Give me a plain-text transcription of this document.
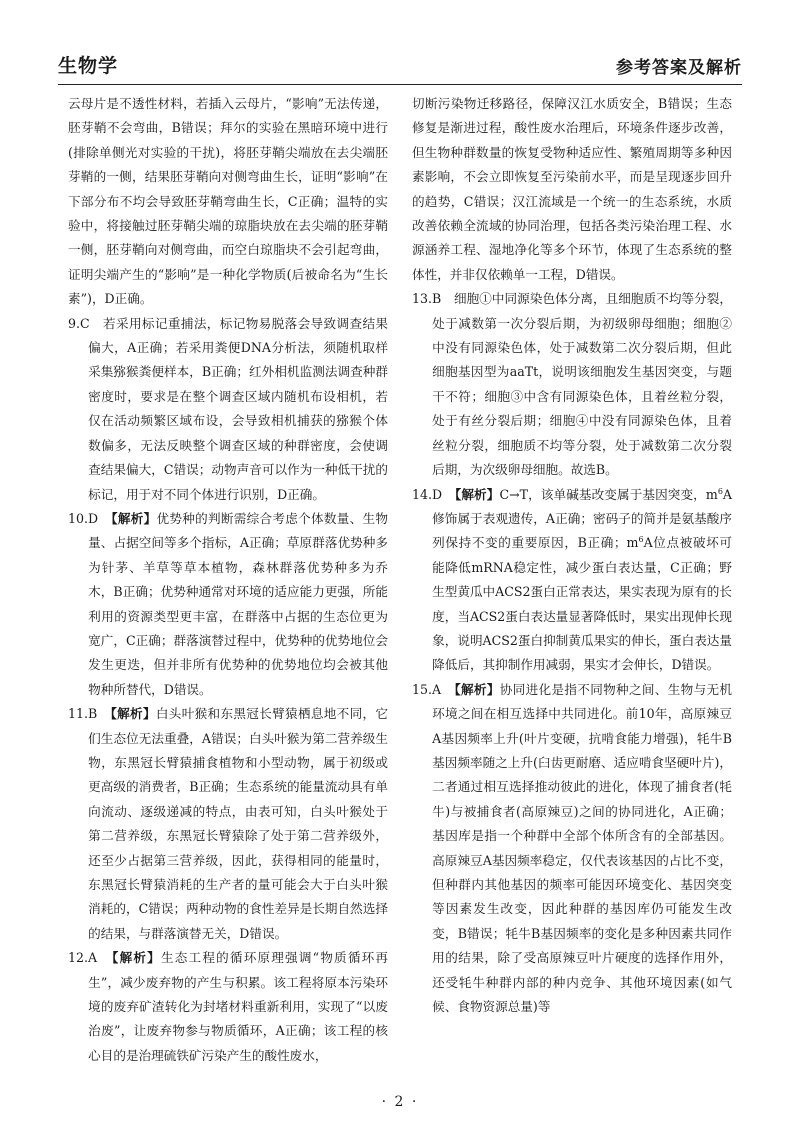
生物学	参考答案及解析

云母片是不透性材料，若插入云母片，“影响”无法传递，胚芽鞘不会弯曲，B错误；拜尔的实验在黑暗环境中进行(排除单侧光对实验的干扰)，将胚芽鞘尖端放在去尖端胚芽鞘的一侧，结果胚芽鞘向对侧弯曲生长，证明“影响”在下部分布不均会导致胚芽鞘弯曲生长，C正确；温特的实验中，将接触过胚芽鞘尖端的琼脂块放在去尖端的胚芽鞘一侧，胚芽鞘向对侧弯曲，而空白琼脂块不会引起弯曲，证明尖端产生的“影响”是一种化学物质(后被命名为“生长素”)，D正确。

9.C　 若采用标记重捕法，标记物易脱落会导致调查结果偏大，A正确；若采用粪便DNA分析法，须随机取样采集猕猴粪便样本，B正确；红外相机监测法调查种群密度时，要求是在整个调查区域内随机布设相机，若仅在活动频繁区域布设，会导致相机捕获的猕猴个体数偏多，无法反映整个调查区域的种群密度，会使调查结果偏大，C错误；动物声音可以作为一种低干扰的标记，用于对不同个体进行识别，D正确。

10.D　 【解析】优势种的判断需综合考虑个体数量、生物量、占据空间等多个指标，A正确；草原群落优势种多为针茅、羊草等草本植物，森林群落优势种多为乔木，B正确；优势种通常对环境的适应能力更强，所能利用的资源类型更丰富，在群落中占据的生态位更为宽广，C正确；群落演替过程中，优势种的优势地位会发生更迭，但并非所有优势种的优势地位均会被其他物种所替代，D错误。

11.B　 【解析】白头叶猴和东黑冠长臂猿栖息地不同，它们生态位无法重叠，A错误；白头叶猴为第二营养级生物，东黑冠长臂猿捕食植物和小型动物，属于初级或更高级的消费者，B正确；生态系统的能量流动具有单向流动、逐级递减的特点，由表可知，白头叶猴处于第二营养级，东黑冠长臂猿除了处于第二营养级外，还至少占据第三营养级，因此，获得相同的能量时，东黑冠长臂猿消耗的生产者的量可能会大于白头叶猴消耗的，C错误；两种动物的食性差异是长期自然选择的结果，与群落演替无关，D错误。

12.A　 【解析】生态工程的循环原理强调“物质循环再生”，减少废弃物的产生与积累。该工程将原本污染环境的废弃矿渣转化为封堵材料重新利用，实现了“以废治废”，让废弃物参与物质循环，A正确；该工程的核心目的是治理硫铁矿污染产生的酸性废水，

切断污染物迁移路径，保障汉江水质安全，B错误；生态修复是渐进过程，酸性废水治理后，环境条件逐步改善，但生物种群数量的恢复受物种适应性、繁殖周期等多种因素影响，不会立即恢复至污染前水平，而是呈现逐步回升的趋势，C错误；汉江流域是一个统一的生态系统，水质改善依赖全流域的协同治理，包括各类污染治理工程、水源涵养工程、湿地净化等多个环节，体现了生态系统的整体性，并非仅依赖单一工程，D错误。

13.B　 细胞①中同源染色体分离，且细胞质不均等分裂，处于减数第一次分裂后期，为初级卵母细胞；细胞②中没有同源染色体，处于减数第二次分裂后期，但此细胞基因型为aaTt，说明该细胞发生基因突变，与题干不符；细胞③中含有同源染色体，且着丝粒分裂，处于有丝分裂后期；细胞④中没有同源染色体，且着丝粒分裂，细胞质不均等分裂，处于减数第二次分裂后期，为次级卵母细胞。故选B。

14.D　 【解析】C→T，该单碱基改变属于基因突变，$m^6A$修饰属于表观遗传，A正确；密码子的简并是氨基酸序列保持不变的重要原因，B正确；$m^6A$位点被破坏可能降低mRNA稳定性，减少蛋白表达量，C正确；野生型黄瓜中ACS2蛋白正常表达，果实表现为原有的长度，当ACS2蛋白表达量显著降低时，果实出现伸长现象，说明ACS2蛋白抑制黄瓜果实的伸长，蛋白表达量降低后，其抑制作用减弱，果实才会伸长，D错误。

15.A　 【解析】协同进化是指不同物种之间、生物与无机环境之间在相互选择中共同进化。前10年，高原辣豆A基因频率上升(叶片变硬，抗啃食能力增强)，牦牛B基因频率随之上升(臼齿更耐磨、适应啃食坚硬叶片)，二者通过相互选择推动彼此的进化，体现了捕食者(牦牛)与被捕食者(高原辣豆)之间的协同进化，A正确；基因库是指一个种群中全部个体所含有的全部基因。高原辣豆A基因频率稳定，仅代表该基因的占比不变，但种群内其他基因的频率可能因环境变化、基因突变等因素发生改变，因此种群的基因库仍可能发生改变，B错误；牦牛B基因频率的变化是多种因素共同作用的结果，除了受高原辣豆叶片硬度的选择作用外，还受牦牛种群内部的种内竞争、其他环境因素(如气候、食物资源总量)等

· 2 ·
